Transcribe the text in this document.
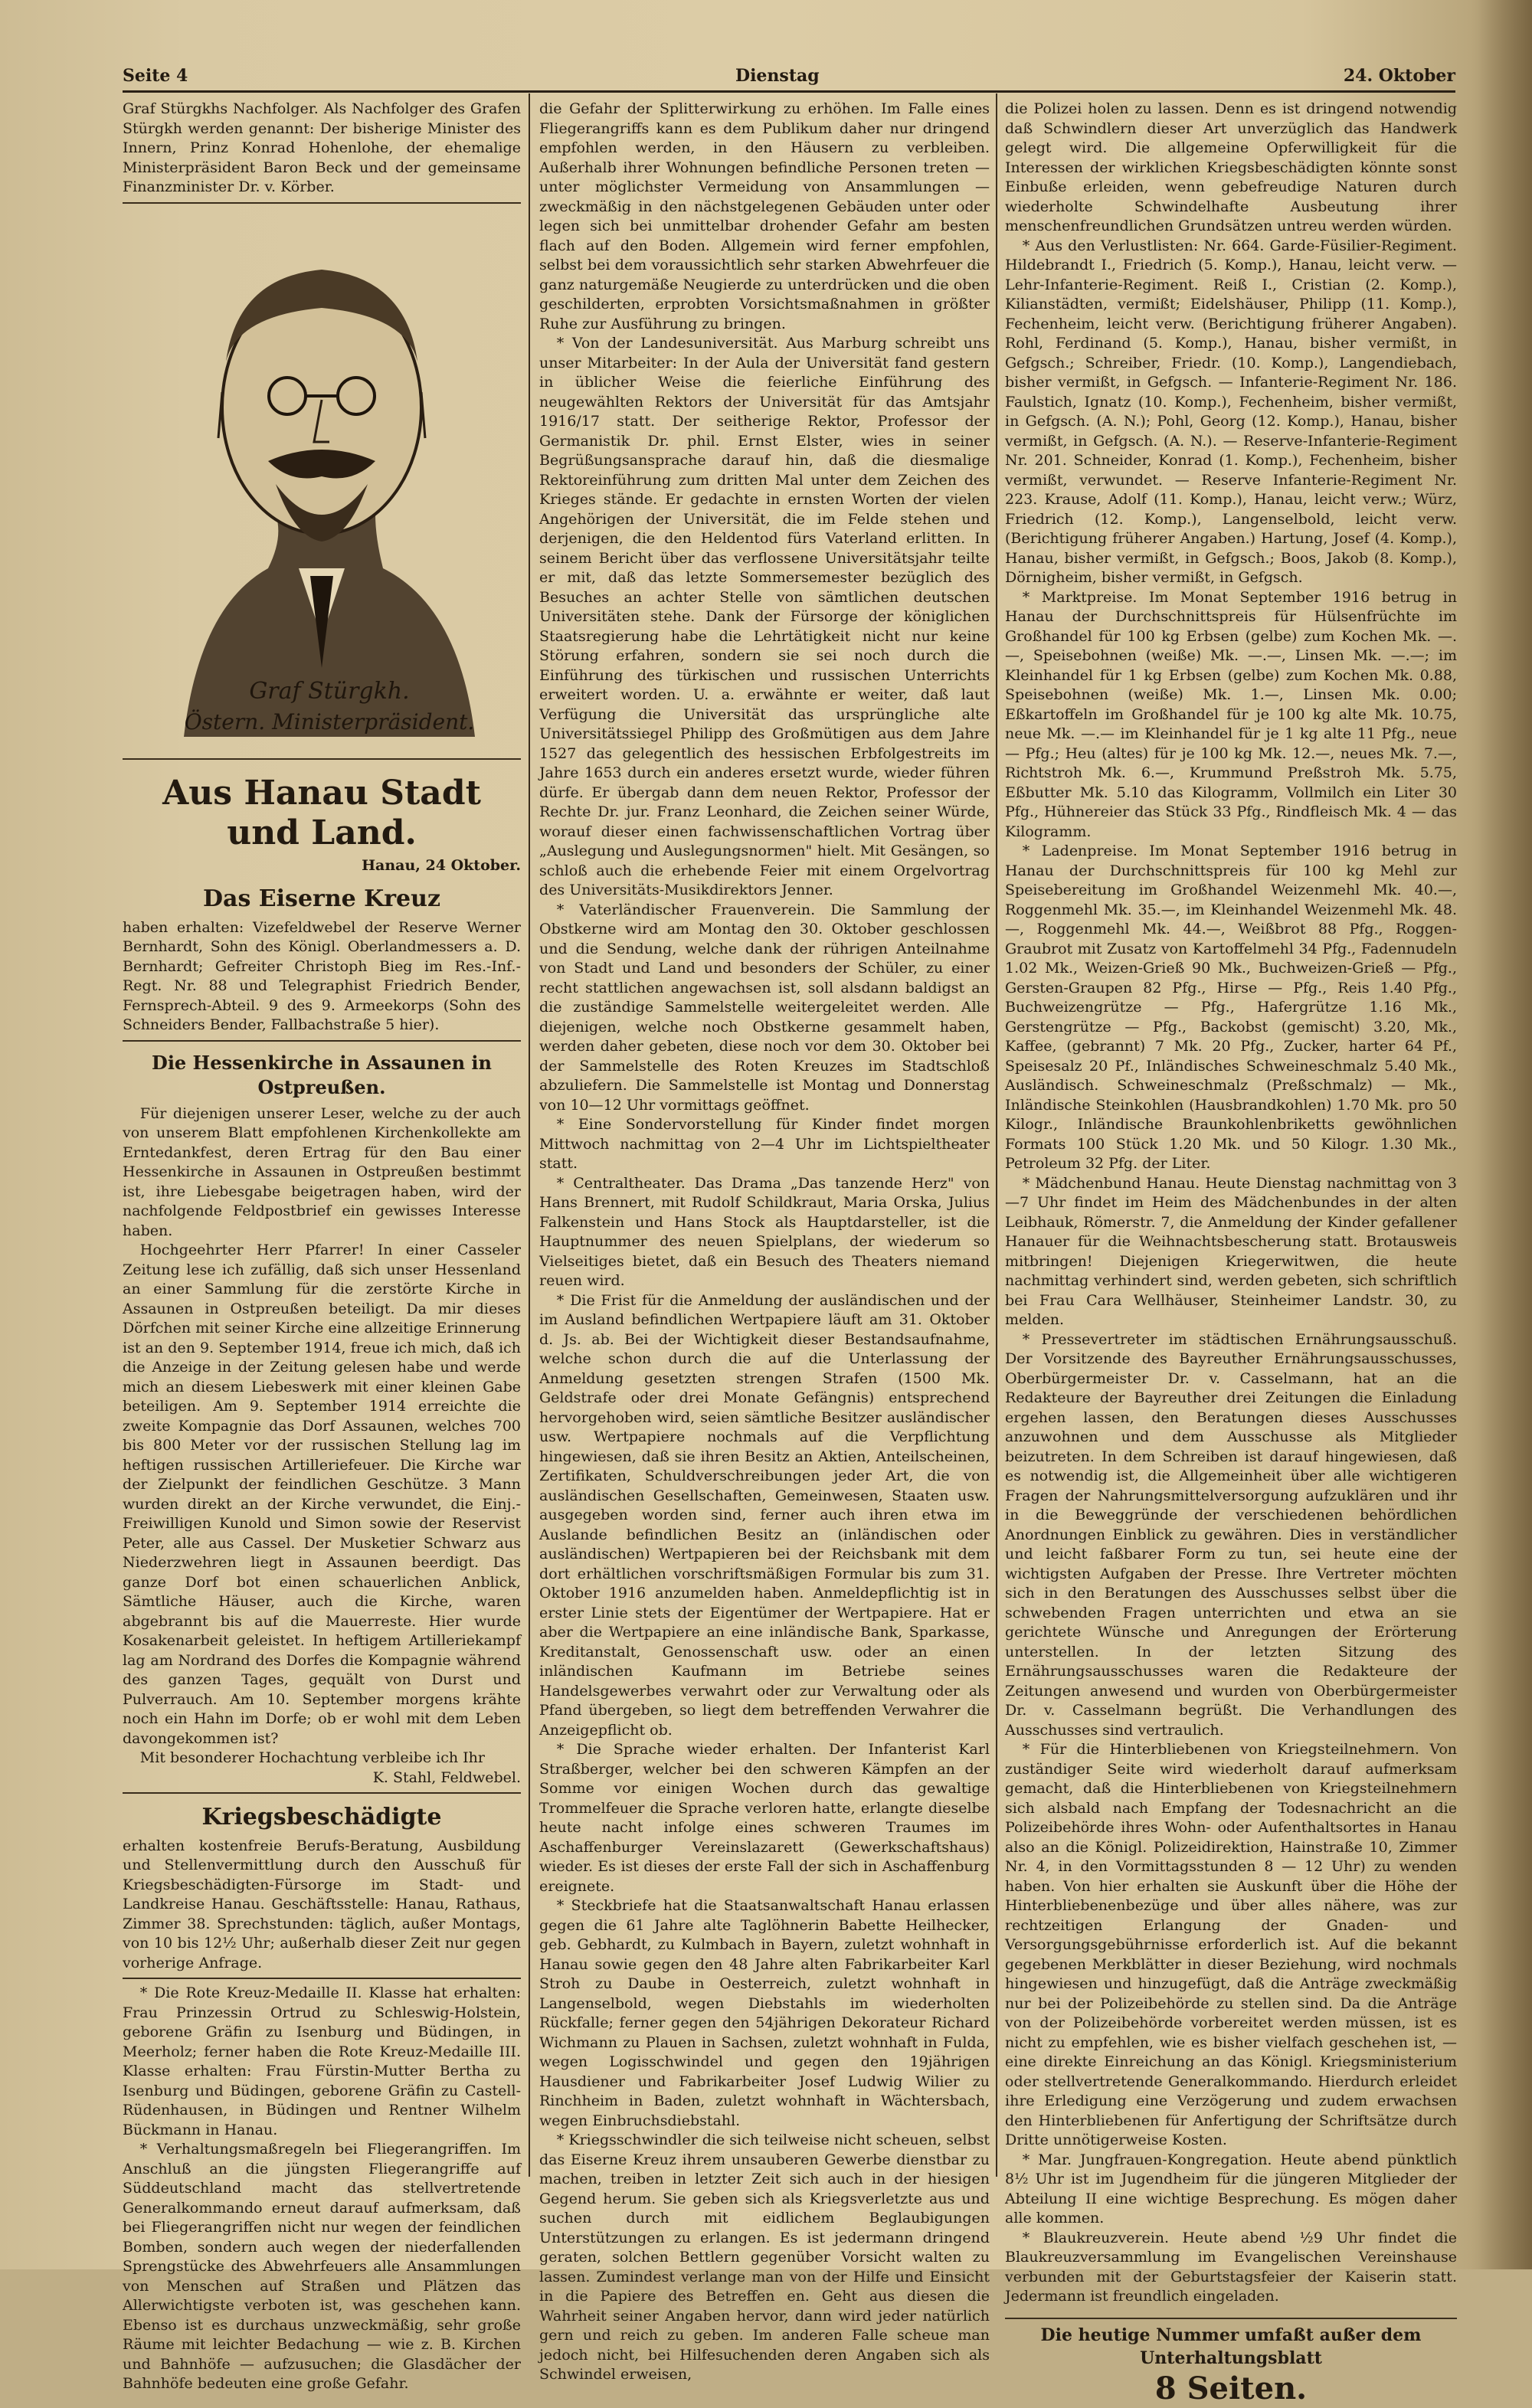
Seite 4	Dienstag	24. Oktober

Graf Stürgkhs Nachfolger. Als Nachfolger des Grafen Stürgkh werden genannt: Der bisherige Minister des Innern, Prinz Konrad Hohenlohe, der ehemalige Ministerpräsident Baron Beck und der gemeinsame Finanzminister Dr. v. Körber.

Graf Stürgkh.
Östern. Ministerpräsident.
Aus Hanau Stadt und Land.
Hanau, 24 Oktober.
Das Eiserne Kreuz

haben erhalten: Vizefeldwebel der Reserve Werner Bernhardt, Sohn des Königl. Oberlandmessers a. D. Bernhardt; Gefreiter Christoph Bieg im Res.-Inf.-Regt. Nr. 88 und Telegraphist Friedrich Bender, Fernsprech-Abteil. 9 des 9. Armeekorps (Sohn des Schneiders Bender, Fallbachstraße 5 hier).

Die Hessenkirche in Assaunen in Ostpreußen.

Für diejenigen unserer Leser, welche zu der auch von unserem Blatt empfohlenen Kirchenkollekte am Erntedankfest, deren Ertrag für den Bau einer Hessenkirche in Assaunen in Ostpreußen bestimmt ist, ihre Liebesgabe beigetragen haben, wird der nachfolgende Feldpostbrief ein gewisses Interesse haben.

Hochgeehrter Herr Pfarrer! In einer Casseler Zeitung lese ich zufällig, daß sich unser Hessenland an einer Sammlung für die zerstörte Kirche in Assaunen in Ostpreußen beteiligt. Da mir dieses Dörfchen mit seiner Kirche eine allzeitige Erinnerung ist an den 9. September 1914, freue ich mich, daß ich die Anzeige in der Zeitung gelesen habe und werde mich an diesem Liebeswerk mit einer kleinen Gabe beteiligen. Am 9. September 1914 erreichte die zweite Kompagnie das Dorf Assaunen, welches 700 bis 800 Meter vor der russischen Stellung lag im heftigen russischen Artilleriefeuer. Die Kirche war der Zielpunkt der feindlichen Geschütze. 3 Mann wurden direkt an der Kirche verwundet, die Einj.-Freiwilligen Kunold und Simon sowie der Reservist Peter, alle aus Cassel. Der Musketier Schwarz aus Niederzwehren liegt in Assaunen beerdigt. Das ganze Dorf bot einen schauerlichen Anblick, Sämtliche Häuser, auch die Kirche, waren abgebrannt bis auf die Mauerreste. Hier wurde Kosakenarbeit geleistet. In heftigem Artilleriekampf lag am Nordrand des Dorfes die Kompagnie während des ganzen Tages, gequält von Durst und Pulverrauch. Am 10. September morgens krähte noch ein Hahn im Dorfe; ob er wohl mit dem Leben davongekommen ist?

Mit besonderer Hochachtung verbleibe ich Ihr

K. Stahl, Feldwebel.
Kriegsbeschädigte

erhalten kostenfreie Berufs-Beratung, Ausbildung und Stellenvermittlung durch den Ausschuß für Kriegsbeschädigten-Fürsorge im Stadt- und Landkreise Hanau. Geschäftsstelle: Hanau, Rathaus, Zimmer 38. Sprechstunden: täglich, außer Montags, von 10 bis 12½ Uhr; außerhalb dieser Zeit nur gegen vorherige Anfrage.

* Die Rote Kreuz-Medaille II. Klasse hat erhalten: Frau Prinzessin Ortrud zu Schleswig-Holstein, geborene Gräfin zu Isenburg und Büdingen, in Meerholz; ferner haben die Rote Kreuz-Medaille III. Klasse erhalten: Frau Fürstin-Mutter Bertha zu Isenburg und Büdingen, geborene Gräfin zu Castell-Rüdenhausen, in Büdingen und Rentner Wilhelm Bückmann in Hanau.

* Verhaltungsmaßregeln bei Fliegerangriffen. Im Anschluß an die jüngsten Fliegerangriffe auf Süddeutschland macht das stellvertretende Generalkommando erneut darauf aufmerksam, daß bei Fliegerangriffen nicht nur wegen der feindlichen Bomben, sondern auch wegen der niederfallenden Sprengstücke des Abwehrfeuers alle Ansammlungen von Menschen auf Straßen und Plätzen das Allerwichtigste verboten ist, was geschehen kann. Ebenso ist es durchaus unzweckmäßig, sehr große Räume mit leichter Bedachung — wie z. B. Kirchen und Bahnhöfe — aufzusuchen; die Glasdächer der Bahnhöfe bedeuten eine große Gefahr.

die Gefahr der Splitterwirkung zu erhöhen. Im Falle eines Fliegerangriffs kann es dem Publikum daher nur dringend empfohlen werden, in den Häusern zu verbleiben. Außerhalb ihrer Wohnungen befindliche Personen treten — unter möglichster Vermeidung von Ansammlungen — zweckmäßig in den nächstgelegenen Gebäuden unter oder legen sich bei unmittelbar drohender Gefahr am besten flach auf den Boden. Allgemein wird ferner empfohlen, selbst bei dem voraussichtlich sehr starken Abwehrfeuer die ganz naturgemäße Neugierde zu unterdrücken und die oben geschilderten, erprobten Vorsichtsmaßnahmen in größter Ruhe zur Ausführung zu bringen.

* Von der Landesuniversität. Aus Marburg schreibt uns unser Mitarbeiter: In der Aula der Universität fand gestern in üblicher Weise die feierliche Einführung des neugewählten Rektors der Universität für das Amtsjahr 1916/17 statt. Der seitherige Rektor, Professor der Germanistik Dr. phil. Ernst Elster, wies in seiner Begrüßungsansprache darauf hin, daß die diesmalige Rektoreinführung zum dritten Mal unter dem Zeichen des Krieges stände. Er gedachte in ernsten Worten der vielen Angehörigen der Universität, die im Felde stehen und derjenigen, die den Heldentod fürs Vaterland erlitten. In seinem Bericht über das verflossene Universitätsjahr teilte er mit, daß das letzte Sommersemester bezüglich des Besuches an achter Stelle von sämtlichen deutschen Universitäten stehe. Dank der Fürsorge der königlichen Staatsregierung habe die Lehrtätigkeit nicht nur keine Störung erfahren, sondern sie sei noch durch die Einführung des türkischen und russischen Unterrichts erweitert worden. U. a. erwähnte er weiter, daß laut Verfügung die Universität das ursprüngliche alte Universitätssiegel Philipp des Großmütigen aus dem Jahre 1527 das gelegentlich des hessischen Erbfolgestreits im Jahre 1653 durch ein anderes ersetzt wurde, wieder führen dürfe. Er übergab dann dem neuen Rektor, Professor der Rechte Dr. jur. Franz Leonhard, die Zeichen seiner Würde, worauf dieser einen fachwissenschaftlichen Vortrag über „Auslegung und Auslegungsnormen" hielt. Mit Gesängen, so schloß auch die erhebende Feier mit einem Orgelvortrag des Universitäts-Musikdirektors Jenner.

* Vaterländischer Frauenverein. Die Sammlung der Obstkerne wird am Montag den 30. Oktober geschlossen und die Sendung, welche dank der rührigen Anteilnahme von Stadt und Land und besonders der Schüler, zu einer recht stattlichen angewachsen ist, soll alsdann baldigst an die zuständige Sammelstelle weitergeleitet werden. Alle diejenigen, welche noch Obstkerne gesammelt haben, werden daher gebeten, diese noch vor dem 30. Oktober bei der Sammelstelle des Roten Kreuzes im Stadtschloß abzuliefern. Die Sammelstelle ist Montag und Donnerstag von 10—12 Uhr vormittags geöffnet.

* Eine Sondervorstellung für Kinder findet morgen Mittwoch nachmittag von 2—4 Uhr im Lichtspieltheater statt.

* Centraltheater. Das Drama „Das tanzende Herz" von Hans Brennert, mit Rudolf Schildkraut, Maria Orska, Julius Falkenstein und Hans Stock als Hauptdarsteller, ist die Hauptnummer des neuen Spielplans, der wiederum so Vielseitiges bietet, daß ein Besuch des Theaters niemand reuen wird.

* Die Frist für die Anmeldung der ausländischen und der im Ausland befindlichen Wertpapiere läuft am 31. Oktober d. Js. ab. Bei der Wichtigkeit dieser Bestandsaufnahme, welche schon durch die auf die Unterlassung der Anmeldung gesetzten strengen Strafen (1500 Mk. Geldstrafe oder drei Monate Gefängnis) entsprechend hervorgehoben wird, seien sämtliche Besitzer ausländischer usw. Wertpapiere nochmals auf die Verpflichtung hingewiesen, daß sie ihren Besitz an Aktien, Anteilscheinen, Zertifikaten, Schuldverschreibungen jeder Art, die von ausländischen Gesellschaften, Gemeinwesen, Staaten usw. ausgegeben worden sind, ferner auch ihren etwa im Auslande befindlichen Besitz an (inländischen oder ausländischen) Wertpapieren bei der Reichsbank mit dem dort erhältlichen vorschriftsmäßigen Formular bis zum 31. Oktober 1916 anzumelden haben. Anmeldepflichtig ist in erster Linie stets der Eigentümer der Wertpapiere. Hat er aber die Wertpapiere an eine inländische Bank, Sparkasse, Kreditanstalt, Genossenschaft usw. oder an einen inländischen Kaufmann im Betriebe seines Handelsgewerbes verwahrt oder zur Verwaltung oder als Pfand übergeben, so liegt dem betreffenden Verwahrer die Anzeigepflicht ob.

* Die Sprache wieder erhalten. Der Infanterist Karl Straßberger, welcher bei den schweren Kämpfen an der Somme vor einigen Wochen durch das gewaltige Trommelfeuer die Sprache verloren hatte, erlangte dieselbe heute nacht infolge eines schweren Traumes im Aschaffenburger Vereinslazarett (Gewerkschaftshaus) wieder. Es ist dieses der erste Fall der sich in Aschaffenburg ereignete.

* Steckbriefe hat die Staatsanwaltschaft Hanau erlassen gegen die 61 Jahre alte Taglöhnerin Babette Heilhecker, geb. Gebhardt, zu Kulmbach in Bayern, zuletzt wohnhaft in Hanau sowie gegen den 48 Jahre alten Fabrikarbeiter Karl Stroh zu Daube in Oesterreich, zuletzt wohnhaft in Langenselbold, wegen Diebstahls im wiederholten Rückfalle; ferner gegen den 54jährigen Dekorateur Richard Wichmann zu Plauen in Sachsen, zuletzt wohnhaft in Fulda, wegen Logisschwindel und gegen den 19jährigen Hausdiener und Fabrikarbeiter Josef Ludwig Wilier zu Rinchheim in Baden, zuletzt wohnhaft in Wächtersbach, wegen Einbruchsdiebstahl.

* Kriegsschwindler die sich teilweise nicht scheuen, selbst das Eiserne Kreuz ihrem unsauberen Gewerbe dienstbar zu machen, treiben in letzter Zeit sich auch in der hiesigen Gegend herum. Sie geben sich als Kriegsverletzte aus und suchen durch mit eidlichem Beglaubigungen Unterstützungen zu erlangen. Es ist jedermann dringend geraten, solchen Bettlern gegenüber Vorsicht walten zu lassen. Zumindest verlange man von der Hilfe und Einsicht in die Papiere des Betreffen en. Geht aus diesen die Wahrheit seiner Angaben hervor, dann wird jeder natürlich gern und reich zu geben. Im anderen Falle scheue man jedoch nicht, bei Hilfesuchenden deren Angaben sich als Schwindel erweisen,

die Polizei holen zu lassen. Denn es ist dringend notwendig daß Schwindlern dieser Art unverzüglich das Handwerk gelegt wird. Die allgemeine Opferwilligkeit für die Interessen der wirklichen Kriegsbeschädigten könnte sonst Einbuße erleiden, wenn gebefreudige Naturen durch wiederholte Schwindelhafte Ausbeutung ihrer menschenfreundlichen Grundsätzen untreu werden würden.

* Aus den Verlustlisten: Nr. 664. Garde-Füsilier-Regiment. Hildebrandt I., Friedrich (5. Komp.), Hanau, leicht verw. — Lehr-Infanterie-Regiment. Reiß I., Cristian (2. Komp.), Kilianstädten, vermißt; Eidelshäuser, Philipp (11. Komp.), Fechenheim, leicht verw. (Berichtigung früherer Angaben). Rohl, Ferdinand (5. Komp.), Hanau, bisher vermißt, in Gefgsch.; Schreiber, Friedr. (10. Komp.), Langendiebach, bisher vermißt, in Gefgsch. — Infanterie-Regiment Nr. 186. Faulstich, Ignatz (10. Komp.), Fechenheim, bisher vermißt, in Gefgsch. (A. N.); Pohl, Georg (12. Komp.), Hanau, bisher vermißt, in Gefgsch. (A. N.). — Reserve-Infanterie-Regiment Nr. 201. Schneider, Konrad (1. Komp.), Fechenheim, bisher vermißt, verwundet. — Reserve Infanterie-Regiment Nr. 223. Krause, Adolf (11. Komp.), Hanau, leicht verw.; Würz, Friedrich (12. Komp.), Langenselbold, leicht verw. (Berichtigung früherer Angaben.) Hartung, Josef (4. Komp.), Hanau, bisher vermißt, in Gefgsch.; Boos, Jakob (8. Komp.), Dörnigheim, bisher vermißt, in Gefgsch.

* Marktpreise. Im Monat September 1916 betrug in Hanau der Durchschnittspreis für Hülsenfrüchte im Großhandel für 100 kg Erbsen (gelbe) zum Kochen Mk. —.—, Speisebohnen (weiße) Mk. —.—, Linsen Mk. —.—; im Kleinhandel für 1 kg Erbsen (gelbe) zum Kochen Mk. 0.88, Speisebohnen (weiße) Mk. 1.—, Linsen Mk. 0.00; Eßkartoffeln im Großhandel für je 100 kg alte Mk. 10.75, neue Mk. —.— im Kleinhandel für je 1 kg alte 11 Pfg., neue — Pfg.; Heu (altes) für je 100 kg Mk. 12.—, neues Mk. 7.—, Richtstroh Mk. 6.—, Krummund Preßstroh Mk. 5.75, Eßbutter Mk. 5.10 das Kilogramm, Vollmilch ein Liter 30 Pfg., Hühnereier das Stück 33 Pfg., Rindfleisch Mk. 4 — das Kilogramm.

* Ladenpreise. Im Monat September 1916 betrug in Hanau der Durchschnittspreis für 100 kg Mehl zur Speisebereitung im Großhandel Weizenmehl Mk. 40.—, Roggenmehl Mk. 35.—, im Kleinhandel Weizenmehl Mk. 48.—, Roggenmehl Mk. 44.—, Weißbrot 88 Pfg., Roggen-Graubrot mit Zusatz von Kartoffelmehl 34 Pfg., Fadennudeln 1.02 Mk., Weizen-Grieß 90 Mk., Buchweizen-Grieß — Pfg., Gersten-Graupen 82 Pfg., Hirse — Pfg., Reis 1.40 Pfg., Buchweizengrütze — Pfg., Hafergrütze 1.16 Mk., Gerstengrütze — Pfg., Backobst (gemischt) 3.20, Mk., Kaffee, (gebrannt) 7 Mk. 20 Pfg., Zucker, harter 64 Pf., Speisesalz 20 Pf., Inländisches Schweineschmalz 5.40 Mk., Ausländisch. Schweineschmalz (Preßschmalz) — Mk., Inländische Steinkohlen (Hausbrandkohlen) 1.70 Mk. pro 50 Kilogr., Inländische Braunkohlenbriketts gewöhnlichen Formats 100 Stück 1.20 Mk. und 50 Kilogr. 1.30 Mk., Petroleum 32 Pfg. der Liter.

* Mädchenbund Hanau. Heute Dienstag nachmittag von 3—7 Uhr findet im Heim des Mädchenbundes in der alten Leibhauk, Römerstr. 7, die Anmeldung der Kinder gefallener Hanauer für die Weihnachtsbescherung statt. Brotausweis mitbringen! Diejenigen Kriegerwitwen, die heute nachmittag verhindert sind, werden gebeten, sich schriftlich bei Frau Cara Wellhäuser, Steinheimer Landstr. 30, zu melden.

* Pressevertreter im städtischen Ernährungsausschuß. Der Vorsitzende des Bayreuther Ernährungsausschusses, Oberbürgermeister Dr. v. Casselmann, hat an die Redakteure der Bayreuther drei Zeitungen die Einladung ergehen lassen, den Beratungen dieses Ausschusses anzuwohnen und dem Ausschusse als Mitglieder beizutreten. In dem Schreiben ist darauf hingewiesen, daß es notwendig ist, die Allgemeinheit über alle wichtigeren Fragen der Nahrungsmittelversorgung aufzuklären und ihr in die Beweggründe der verschiedenen behördlichen Anordnungen Einblick zu gewähren. Dies in verständlicher und leicht faßbarer Form zu tun, sei heute eine der wichtigsten Aufgaben der Presse. Ihre Vertreter möchten sich in den Beratungen des Ausschusses selbst über die schwebenden Fragen unterrichten und etwa an sie gerichtete Wünsche und Anregungen der Erörterung unterstellen. In der letzten Sitzung des Ernährungsausschusses waren die Redakteure der Zeitungen anwesend und wurden von Oberbürgermeister Dr. v. Casselmann begrüßt. Die Verhandlungen des Ausschusses sind vertraulich.

* Für die Hinterbliebenen von Kriegsteilnehmern. Von zuständiger Seite wird wiederholt darauf aufmerksam gemacht, daß die Hinterbliebenen von Kriegsteilnehmern sich alsbald nach Empfang der Todesnachricht an die Polizeibehörde ihres Wohn- oder Aufenthaltsortes in Hanau also an die Königl. Polizeidirektion, Hainstraße 10, Zimmer Nr. 4, in den Vormittagsstunden 8 — 12 Uhr) zu wenden haben. Von hier erhalten sie Auskunft über die Höhe der Hinterbliebenenbezüge und über alles nähere, was zur rechtzeitigen Erlangung der Gnaden- und Versorgungsgebührnisse erforderlich ist. Auf die bekannt gegebenen Merkblätter in dieser Beziehung, wird nochmals hingewiesen und hinzugefügt, daß die Anträge zweckmäßig nur bei der Polizeibehörde zu stellen sind. Da die Anträge von der Polizeibehörde vorbereitet werden müssen, ist es nicht zu empfehlen, wie es bisher vielfach geschehen ist, — eine direkte Einreichung an das Königl. Kriegsministerium oder stellvertretende Generalkommando. Hierdurch erleidet ihre Erledigung eine Verzögerung und zudem erwachsen den Hinterbliebenen für Anfertigung der Schriftsätze durch Dritte unnötigerweise Kosten.

* Mar. Jungfrauen-Kongregation. Heute abend pünktlich 8½ Uhr ist im Jugendheim für die jüngeren Mitglieder der Abteilung II eine wichtige Besprechung. Es mögen daher alle kommen.

* Blaukreuzverein. Heute abend ½9 Uhr findet die Blaukreuzversammlung im Evangelischen Vereinshause verbunden mit der Geburtstagsfeier der Kaiserin statt. Jedermann ist freundlich eingeladen.

Die heutige Nummer umfaßt außer dem Unterhaltungsblatt
8 Seiten.
